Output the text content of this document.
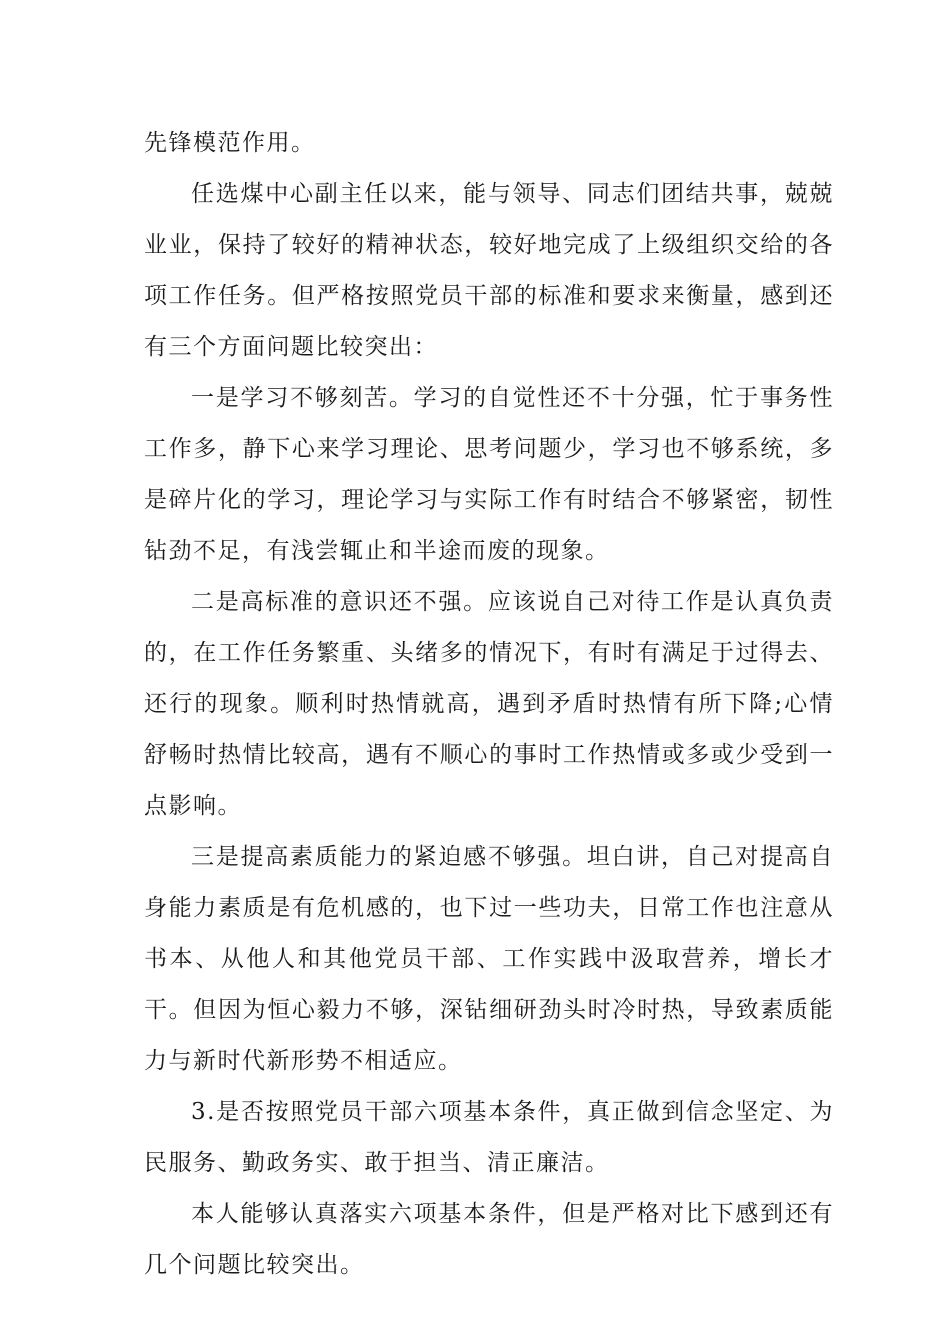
先锋模范作用。

任选煤中心副主任以来，能与领导、同志们团结共事，兢兢业业，保持了较好的精神状态，较好地完成了上级组织交给的各项工作任务。但严格按照党员干部的标准和要求来衡量，感到还有三个方面问题比较突出：

一是学习不够刻苦。学习的自觉性还不十分强，忙于事务性工作多，静下心来学习理论、思考问题少，学习也不够系统，多是碎片化的学习，理论学习与实际工作有时结合不够紧密，韧性钻劲不足，有浅尝辄止和半途而废的现象。

二是高标准的意识还不强。应该说自己对待工作是认真负责的，在工作任务繁重、头绪多的情况下，有时有满足于过得去、还行的现象。顺利时热情就高，遇到矛盾时热情有所下降;心情舒畅时热情比较高，遇有不顺心的事时工作热情或多或少受到一点影响。

三是提高素质能力的紧迫感不够强。坦白讲，自己对提高自身能力素质是有危机感的，也下过一些功夫，日常工作也注意从书本、从他人和其他党员干部、工作实践中汲取营养，增长才干。但因为恒心毅力不够，深钻细研劲头时冷时热，导致素质能力与新时代新形势不相适应。

3.是否按照党员干部六项基本条件，真正做到信念坚定、为民服务、勤政务实、敢于担当、清正廉洁。

本人能够认真落实六项基本条件，但是严格对比下感到还有几个问题比较突出。
